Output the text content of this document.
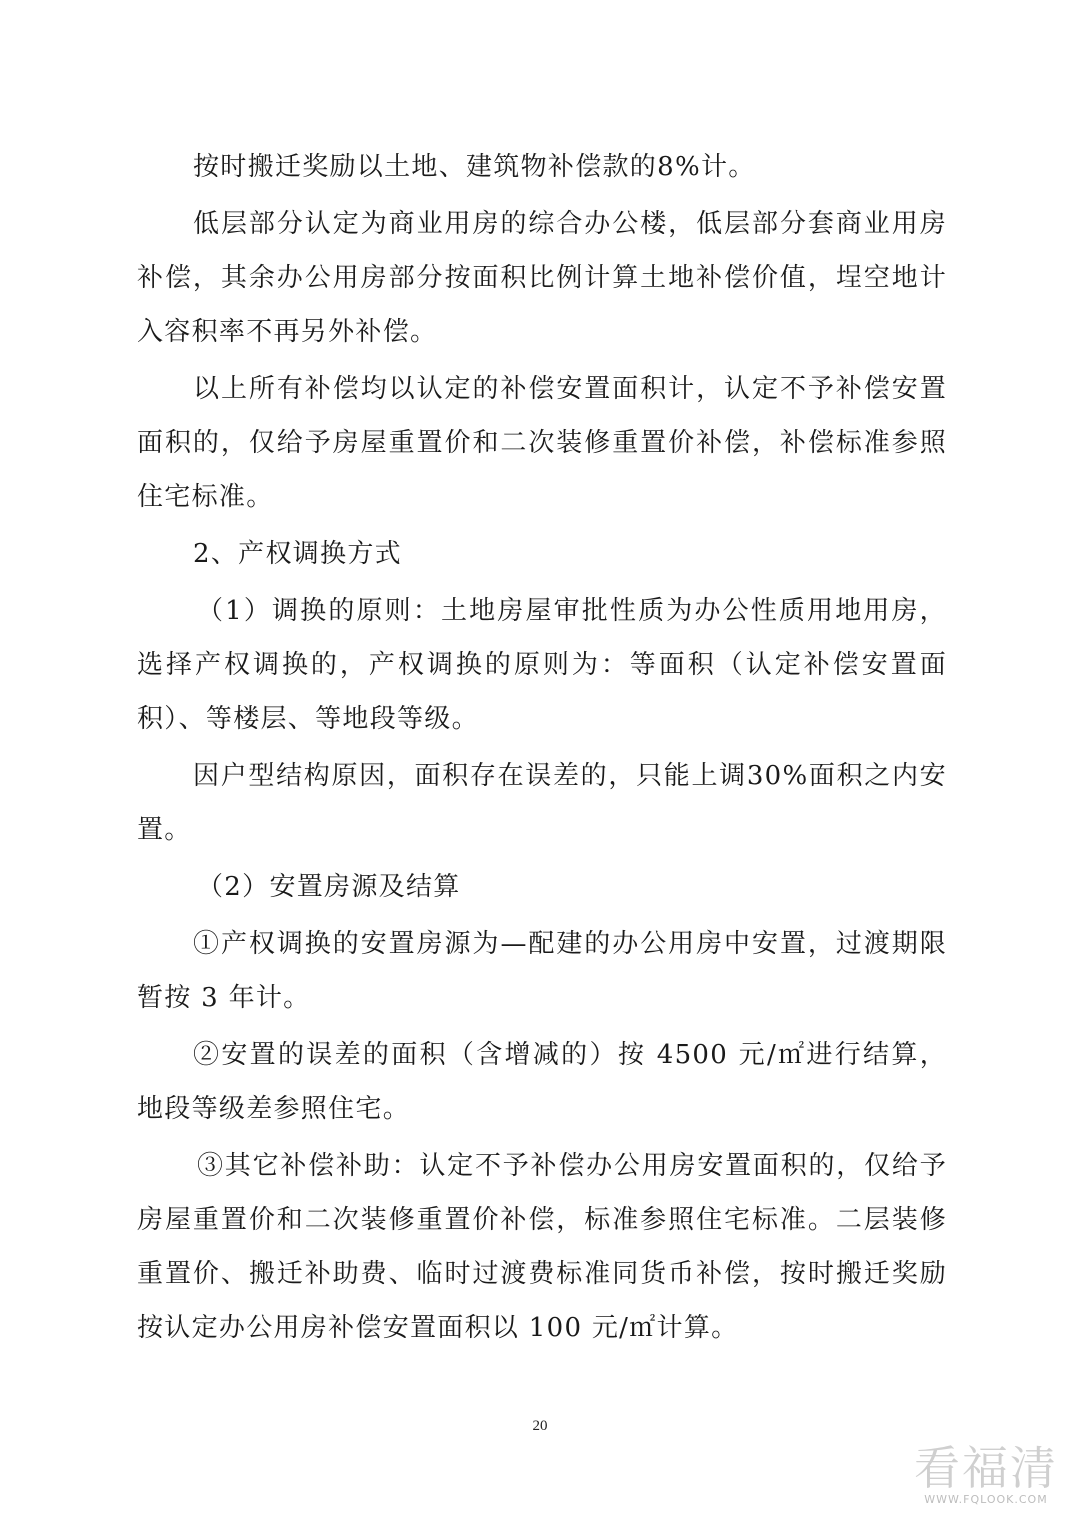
按时搬迁奖励以土地、建筑物补偿款的8%计。

低层部分认定为商业用房的综合办公楼，低层部分套商业用房补偿，其余办公用房部分按面积比例计算土地补偿价值，埕空地计入容积率不再另外补偿。

以上所有补偿均以认定的补偿安置面积计，认定不予补偿安置面积的，仅给予房屋重置价和二次装修重置价补偿，补偿标准参照住宅标准。

2、产权调换方式

（1）调换的原则：土地房屋审批性质为办公性质用地用房，选择产权调换的，产权调换的原则为：等面积（认定补偿安置面积）、等楼层、等地段等级。

因户型结构原因，面积存在误差的，只能上调30%面积之内安置。

（2）安置房源及结算

①产权调换的安置房源为—配建的办公用房中安置，过渡期限暂按 3 年计。

②安置的误差的面积（含增减的）按 4500 元/㎡进行结算，地段等级差参照住宅。

③其它补偿补助：认定不予补偿办公用房安置面积的，仅给予房屋重置价和二次装修重置价补偿，标准参照住宅标准。二层装修重置价、搬迁补助费、临时过渡费标准同货币补偿，按时搬迁奖励按认定办公用房补偿安置面积以 100 元/㎡计算。

20
看福清
WWW.FQLOOK.COM
